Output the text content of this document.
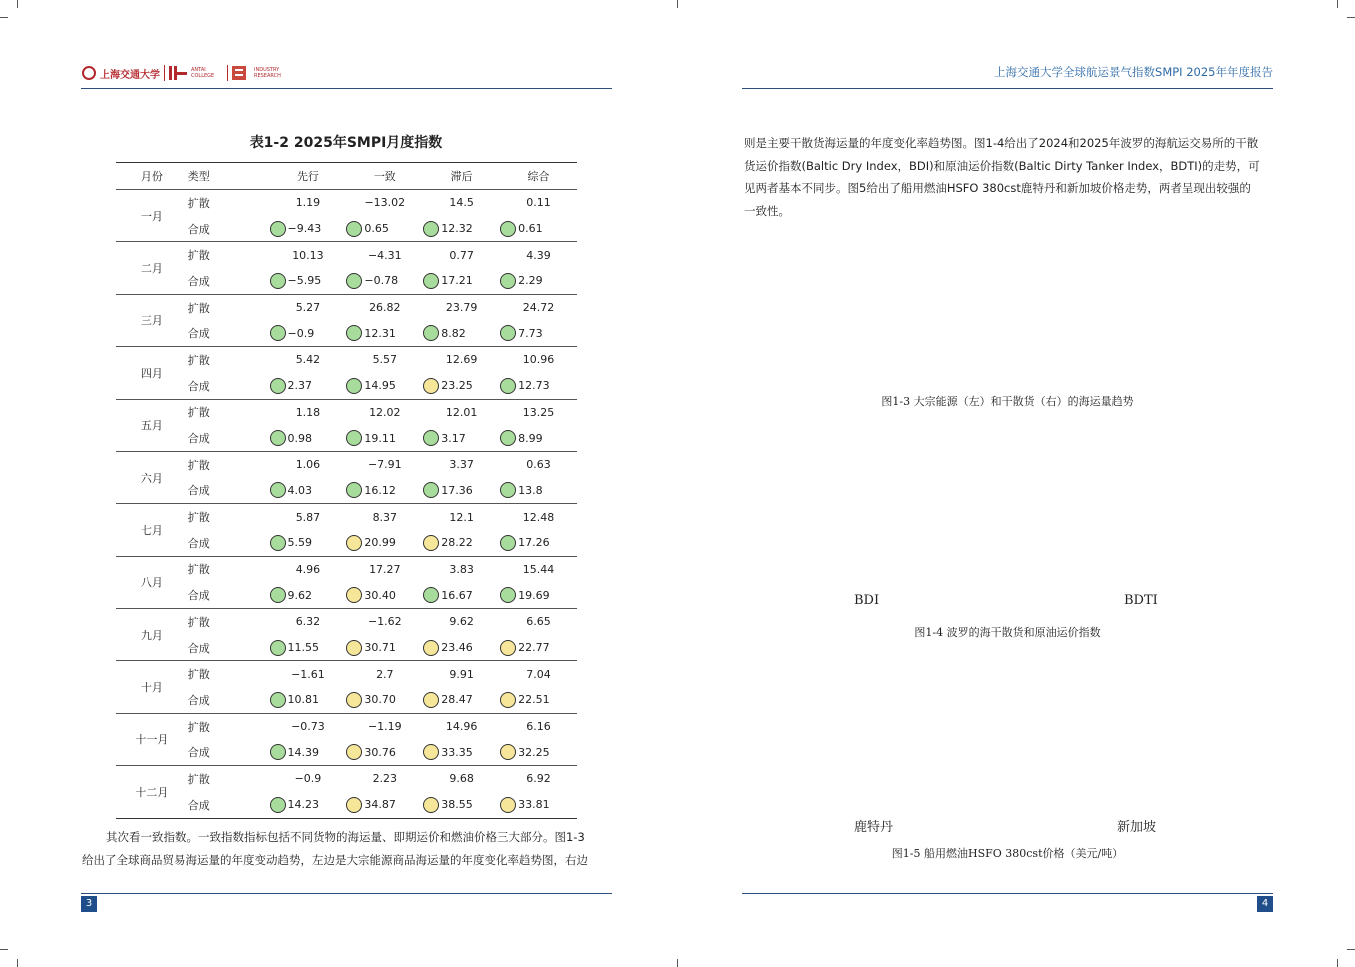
上海交通大学	ANTAI COLLEGE
INDUSTRY RESEARCH
表1-2 2025年SMPI月度指数
月份	类型	先行	一致	滞后	综合
一月	扩散	1.19	−13.02	14.5	0.11
	合成	−9.43	0.65	12.32	0.61

二月	扩散	10.13	−4.31	0.77	4.39
	合成	−5.95	−0.78	17.21	2.29

三月	扩散	5.27	26.82	23.79	24.72
	合成	−0.9	12.31	8.82	7.73

四月	扩散	5.42	5.57	12.69	10.96
	合成	2.37	14.95	23.25	12.73

五月	扩散	1.18	12.02	12.01	13.25
	合成	0.98	19.11	3.17	8.99

六月	扩散	1.06	−7.91	3.37	0.63
	合成	4.03	16.12	17.36	13.8

七月	扩散	5.87	8.37	12.1	12.48
	合成	5.59	20.99	28.22	17.26

八月	扩散	4.96	17.27	3.83	15.44
	合成	9.62	30.40	16.67	19.69

九月	扩散	6.32	−1.62	9.62	6.65
	合成	11.55	30.71	23.46	22.77

十月	扩散	−1.61	2.7	9.91	7.04
	合成	10.81	30.70	28.47	22.51

十一月	扩散	−0.73	−1.19	14.96	6.16
	合成	14.39	30.76	33.35	32.25

十二月	扩散	−0.9	2.23	9.68	6.92
	合成	14.23	34.87	38.55	33.81
其次看一致指数。一致指数指标包括不同货物的海运量、即期运价和燃油价格三大部分。图1-3
给出了全球商品贸易海运量的年度变动趋势，左边是大宗能源商品海运量的年度变化率趋势图，右边
3
上海交通大学全球航运景气指数SMPI 2025年年度报告
则是主要干散货海运量的年度变化率趋势图。图1-4给出了2024和2025年波罗的海航运交易所的干散
货运价指数(Baltic Dry Index，BDI)和原油运价指数(Baltic Dirty Tanker Index，BDTI)的走势，可
见两者基本不同步。图5给出了船用燃油HSFO 380cst鹿特丹和新加坡价格走势，两者呈现出较强的
一致性。
图1-3 大宗能源（左）和干散货（右）的海运量趋势
BDI	BDTI
图1-4 波罗的海干散货和原油运价指数
鹿特丹	新加坡
图1-5 船用燃油HSFO 380cst价格（美元/吨）
4
